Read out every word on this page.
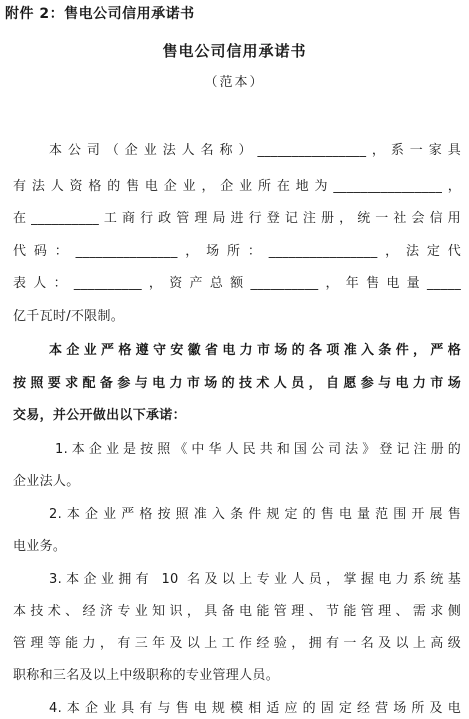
附件 2：售电公司信用承诺书
售电公司信用承诺书
（范本）
本公司（企业法人名称）________________，系一家具
有法人资格的售电企业，企业所在地为________________，
在__________工商行政管理局进行登记注册，统一社会信用
代码：_______________，场所：________________，法定代
表人：__________，资产总额__________，年售电量_____
亿千瓦时/不限制。
本企业严格遵守安徽省电力市场的各项准入条件，严格
按照要求配备参与电力市场的技术人员，自愿参与电力市场
交易，并公开做出以下承诺：
1.本企业是按照《中华人民共和国公司法》登记注册的
企业法人。
2.本企业严格按照准入条件规定的售电量范围开展售
电业务。
3.本企业拥有 10 名及以上专业人员，掌握电力系统基
本技术、经济专业知识，具备电能管理、节能管理、需求侧
管理等能力，有三年及以上工作经验，拥有一名及以上高级
职称和三名及以上中级职称的专业管理人员。
4.本企业具有与售电规模相适应的固定经营场所及电
